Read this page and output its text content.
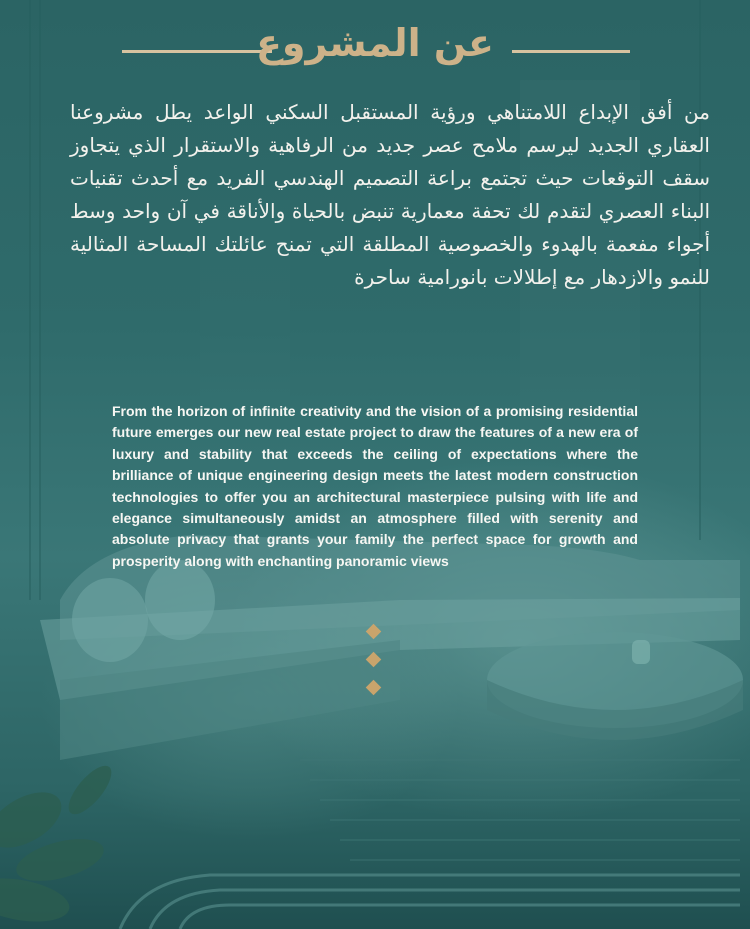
عن المشروع
من أفق الإبداع اللامتناهي ورؤية المستقبل السكني الواعد يطل مشروعنا العقاري الجديد ليرسم ملامح عصر جديد من الرفاهية والاستقرار الذي يتجاوز سقف التوقعات حيث تجتمع براعة التصميم الهندسي الفريد مع أحدث تقنيات البناء العصري لتقدم لك تحفة معمارية تنبض بالحياة والأناقة في آن واحد وسط أجواء مفعمة بالهدوء والخصوصية المطلقة التي تمنح عائلتك المساحة المثالية للنمو والازدهار مع إطلالات بانورامية ساحرة
From the horizon of infinite creativity and the vision of a promising residential future emerges our new real estate project to draw the features of a new era of luxury and stability that exceeds the ceiling of expectations where the brilliance of unique engineering design meets the latest modern construction technologies to offer you an architectural masterpiece pulsing with life and elegance simultaneously amidst an atmosphere filled with serenity and absolute privacy that grants your family the perfect space for growth and prosperity along with enchanting panoramic views
